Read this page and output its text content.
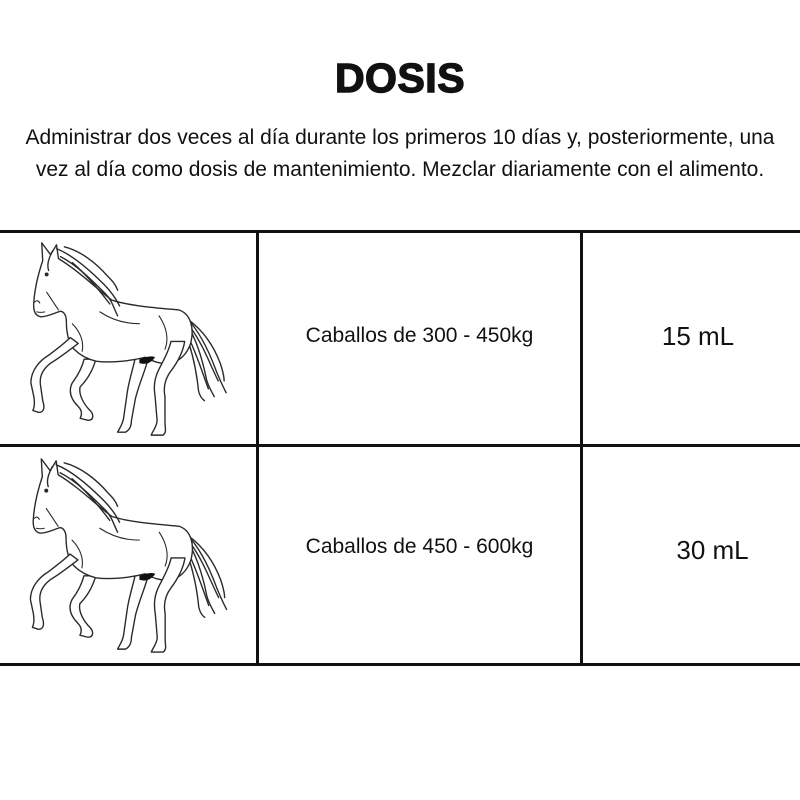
DOSIS
Administrar dos veces al día durante los primeros 10 días y, posteriormente, una
vez al día como dosis de mantenimiento. Mezclar diariamente con el alimento.
Caballos de 300 - 450kg	15 mL
Caballos de 450 - 600kg	30 mL
